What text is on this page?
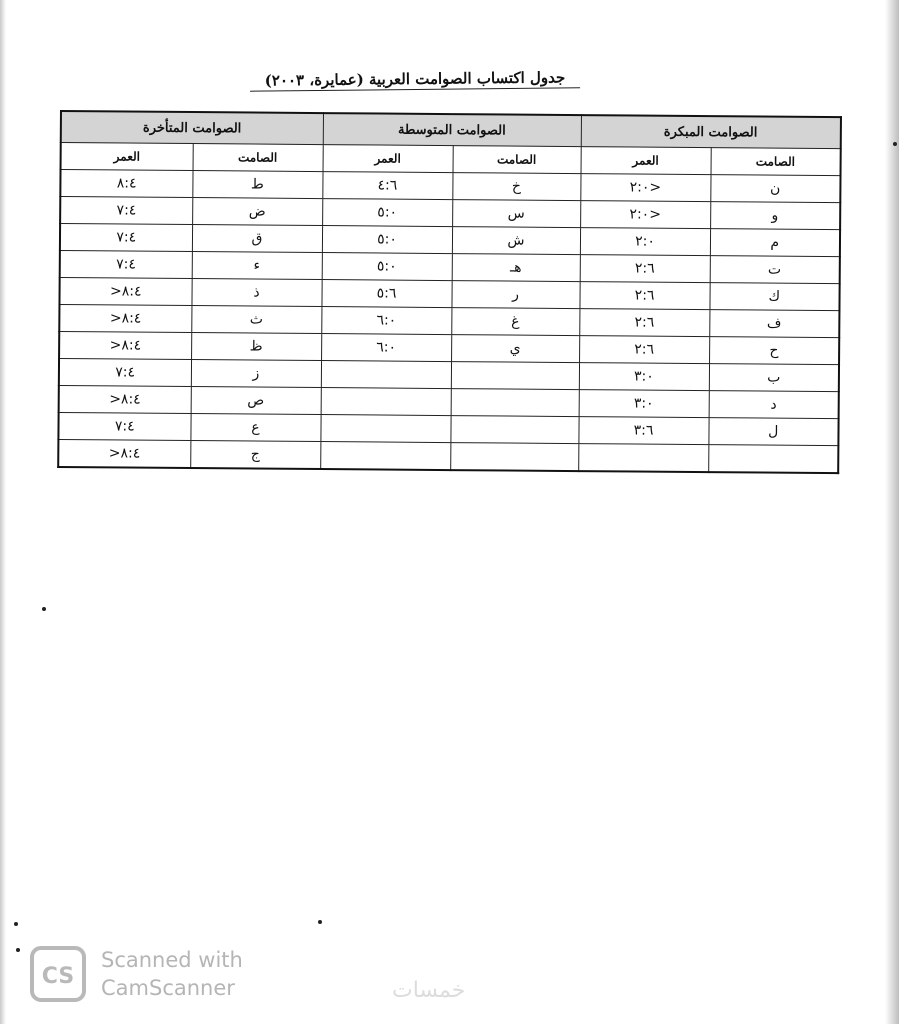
جدول اكتساب الصوامت العربية (عمايرة، ٢٠٠٣)
الصوامت المبكرة		الصوامت المتوسطة		الصوامت المتأخرة	
الصامت	العمر	الصامت	العمر	الصامت	العمر
ن	<٢:٠	خ	٤:٦	ط	٨:٤
و	<٢:٠	س	٥:٠	ض	٧:٤
م	٢:٠	ش	٥:٠	ق	٧:٤
ت	٢:٦	هـ	٥:٠	ء	٧:٤
ك	٢:٦	ر	٥:٦	ذ	٨:٤<
ف	٢:٦	غ	٦:٠	ث	٨:٤<
ح	٢:٦	ي	٦:٠	ظ	٨:٤<
ب	٣:٠			ز	٧:٤
د	٣:٠			ص	٨:٤<
ل	٣:٦			ع	٧:٤
				ج	٨:٤<
CS
Scanned with
CamScanner	خمسات
